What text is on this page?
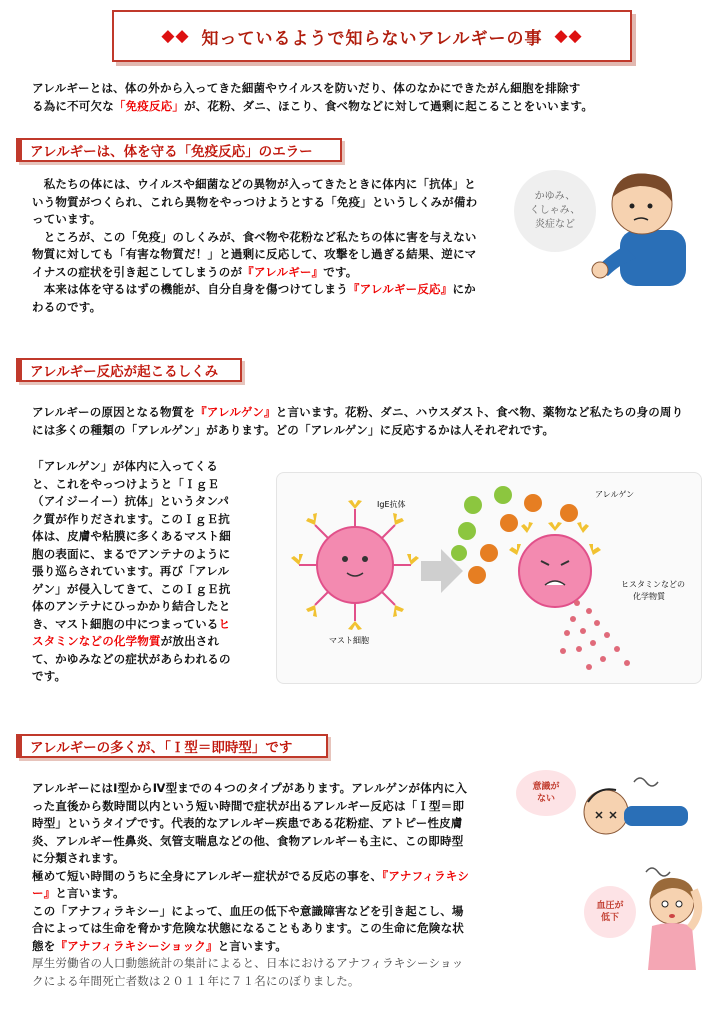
◆◆ 知っているようで知らないアレルギーの事 ◆◆
アレルギーとは、体の外から入ってきた細菌やウイルスを防いだり、体のなかにできたがん細胞を排除す
る為に不可欠な「免疫反応」が、花粉、ダニ、ほこり、食べ物などに対して過剰に起こることをいいます。
アレルギーは、体を守る「免疫反応」のエラー
　私たちの体には、ウイルスや細菌などの異物が入ってきたときに体内に「抗体」という物質がつくられ、これら異物をやっつけようとする「免疫」というしくみが備わっています。
　ところが、この「免疫」のしくみが、食べ物や花粉など私たちの体に害を与えない物質に対しても「有害な物質だ！」と過剰に反応して、攻撃をし過ぎる結果、逆にマイナスの症状を引き起こしてしまうのが『アレルギー』です。
　本来は体を守るはずの機能が、自分自身を傷つけてしまう『アレルギー反応』にかわるのです。
かゆみ、
くしゃみ、
炎症など
アレルギー反応が起こるしくみ
アレルギーの原因となる物質を『アレルゲン』と言います。花粉、ダニ、ハウスダスト、食べ物、薬物など私たちの身の周りには多くの種類の「アレルゲン」があります。どの「アレルゲン」に反応するかは人それぞれです。
「アレルゲン」が体内に入ってくると、これをやっつけようと「ＩｇＥ（アイジーイー）抗体」というタンパク質が作りだされます。このＩｇＥ抗体は、皮膚や粘膜に多くあるマスト細胞の表面に、まるでアンテナのように張り巡らされています。再び「アレルゲン」が侵入してきて、このＩｇＥ抗体のアンテナにひっかかり結合したとき、マスト細胞の中につまっているヒスタミンなどの化学物質が放出されて、かゆみなどの症状があらわれるのです。
IgE抗体
マスト細胞
アレルゲン
ヒスタミンなどの
化学物質
アレルギーの多くが、「Ｉ型＝即時型」です
アレルギーにはⅠ型からⅣ型までの４つのタイプがあります。アレルゲンが体内に入った直後から数時間以内という短い時間で症状が出るアレルギー反応は「Ｉ型＝即時型」というタイプです。代表的なアレルギー疾患である花粉症、アトピー性皮膚炎、アレルギー性鼻炎、気管支喘息などの他、食物アレルギーも主に、この即時型に分類されます。
極めて短い時間のうちに全身にアレルギー症状がでる反応の事を、『アナフィラキシー』と言います。
この「アナフィラキシー」によって、血圧の低下や意識障害などを引き起こし、場合によっては生命を脅かす危険な状態になることもあります。この生命に危険な状態を『アナフィラキシーショック』と言います。
厚生労働省の人口動態統計の集計によると、日本におけるアナフィラキシーショックによる年間死亡者数は２０１１年に７１名にのぼりました。
意識が
ない
血圧が
低下
